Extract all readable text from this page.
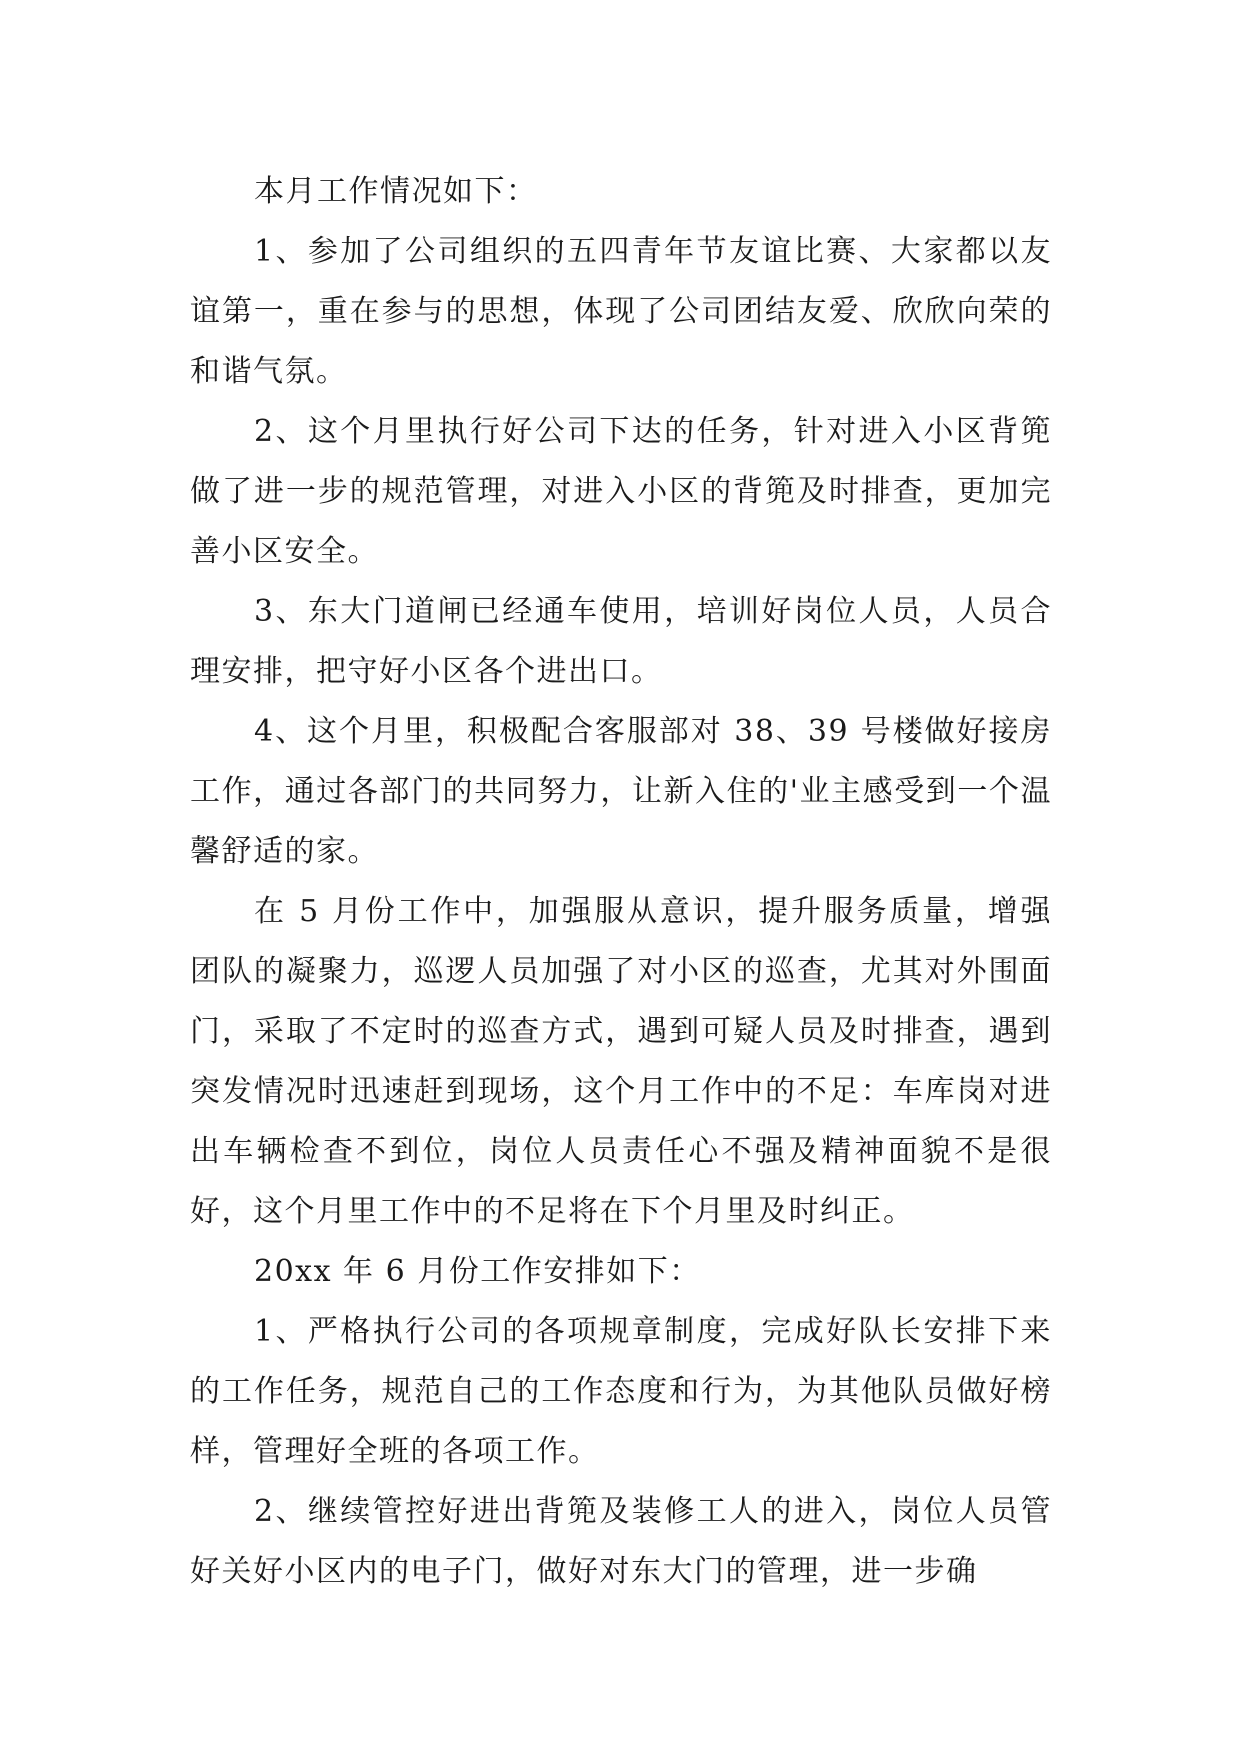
本月工作情况如下：

1、参加了公司组织的五四青年节友谊比赛、大家都以友谊第一，重在参与的思想，体现了公司团结友爱、欣欣向荣的和谐气氛。

2、这个月里执行好公司下达的任务，针对进入小区背篼做了进一步的规范管理，对进入小区的背篼及时排查，更加完善小区安全。

3、东大门道闸已经通车使用，培训好岗位人员，人员合理安排，把守好小区各个进出口。

4、这个月里，积极配合客服部对 38、39 号楼做好接房工作，通过各部门的共同努力，让新入住的'业主感受到一个温馨舒适的家。

在 5 月份工作中，加强服从意识，提升服务质量，增强团队的凝聚力，巡逻人员加强了对小区的巡查，尤其对外围面门，采取了不定时的巡查方式，遇到可疑人员及时排查，遇到突发情况时迅速赶到现场，这个月工作中的不足：车库岗对进出车辆检查不到位，岗位人员责任心不强及精神面貌不是很好，这个月里工作中的不足将在下个月里及时纠正。

20xx 年 6 月份工作安排如下：

1、严格执行公司的各项规章制度，完成好队长安排下来的工作任务，规范自己的工作态度和行为，为其他队员做好榜样，管理好全班的各项工作。

2、继续管控好进出背篼及装修工人的进入，岗位人员管好关好小区内的电子门，做好对东大门的管理，进一步确
